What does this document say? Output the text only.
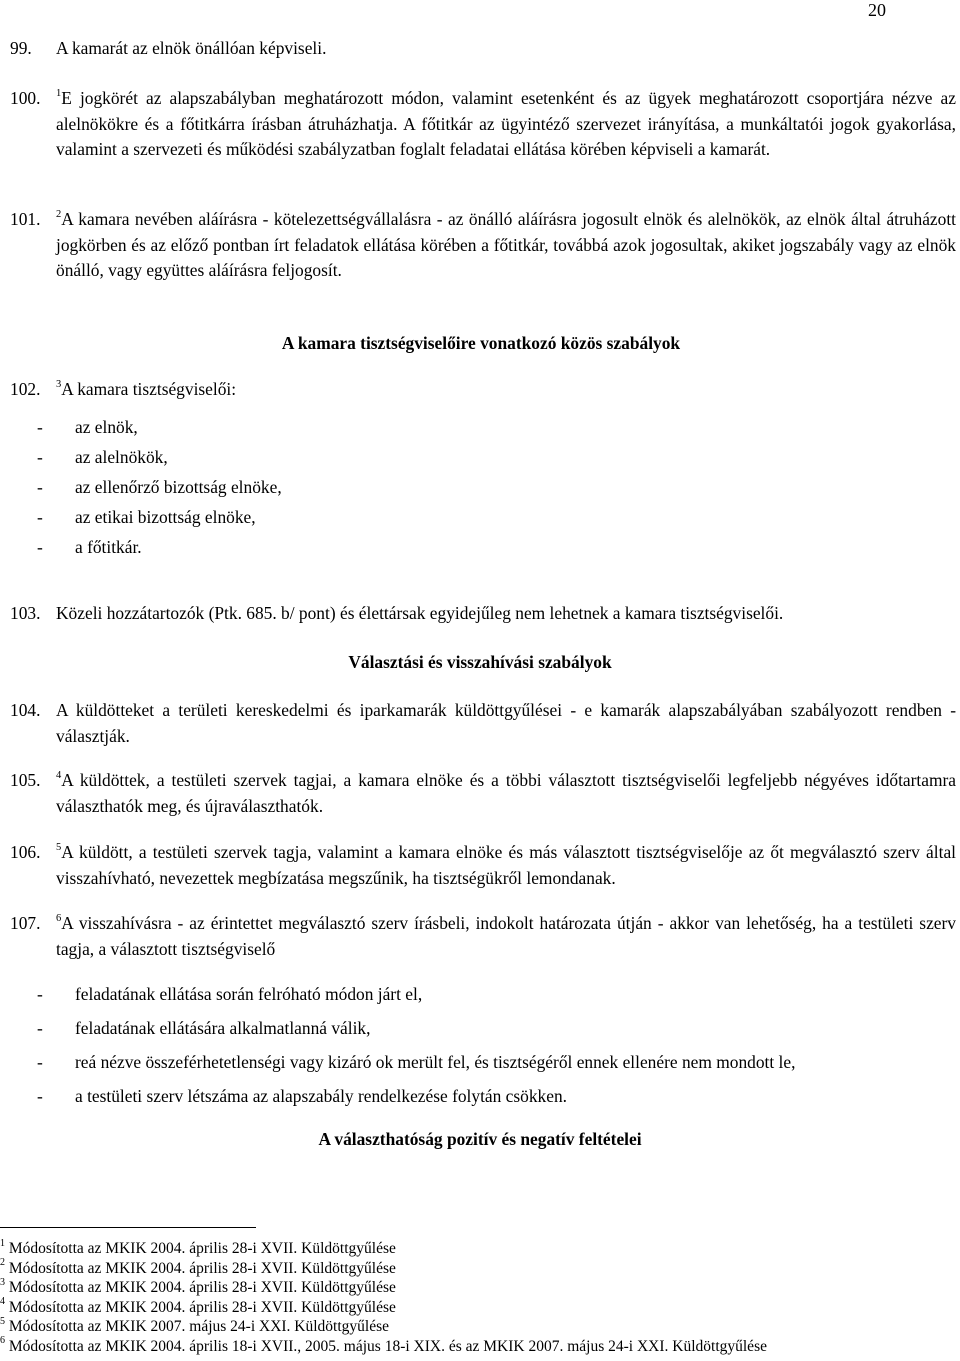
20
99. A kamarát az elnök önállóan képviseli.
100. $^1$E jogkörét az alapszabályban meghatározott módon, valamint esetenként és az ügyek meghatározott csoportjára nézve az alelnökökre és a főtitkárra írásban átruházhatja. A főtitkár az ügyintéző szervezet irányítása, a munkáltatói jogok gyakorlása, valamint a szervezeti és működési szabályzatban foglalt feladatai ellátása körében képviseli a kamarát.
101. $^2$A kamara nevében aláírásra - kötelezettségvállalásra - az önálló aláírásra jogosult elnök és alelnökök, az elnök által átruházott jogkörben és az előző pontban írt feladatok ellátása körében a főtitkár, továbbá azok jogosultak, akiket jogszabály vagy az elnök önálló, vagy együttes aláírásra feljogosít.
A kamara tisztségviselőire vonatkozó közös szabályok
102. $^3$A kamara tisztségviselői:
-	az elnök,
-	az alelnökök,
-	az ellenőrző bizottság elnöke,
-	az etikai bizottság elnöke,
-	a főtitkár.
103. Közeli hozzátartozók (Ptk. 685. b/ pont) és élettársak egyidejűleg nem lehetnek a kamara tisztségviselői.
Választási és visszahívási szabályok
104. A küldötteket a területi kereskedelmi és iparkamarák küldöttgyűlései - e kamarák alapszabályában szabályozott rendben - választják.
105. $^4$A küldöttek, a testületi szervek tagjai, a kamara elnöke és a többi választott tisztségviselői legfeljebb négyéves időtartamra választhatók meg, és újraválaszthatók.
106. $^5$A küldött, a testületi szervek tagja, valamint a kamara elnöke és más választott tisztségviselője az őt megválasztó szerv által visszahívható, nevezettek megbízatása megszűnik, ha tisztségükről lemondanak.
107. $^6$A visszahívásra - az érintettet megválasztó szerv írásbeli, indokolt határozata útján - akkor van lehetőség, ha a testületi szerv tagja, a választott tisztségviselő
-	feladatának ellátása során felróható módon járt el,
-	feladatának ellátására alkalmatlanná válik,
-	reá nézve összeférhetetlenségi vagy kizáró ok merült fel, és tisztségéről ennek ellenére nem mondott le,
-	a testületi szerv létszáma az alapszabály rendelkezése folytán csökken.
A választhatóság pozitív és negatív feltételei
$^1$ Módosította az MKIK 2004. április 28-i XVII. Küldöttgyűlése
$^2$ Módosította az MKIK 2004. április 28-i XVII. Küldöttgyűlése
$^3$ Módosította az MKIK 2004. április 28-i XVII. Küldöttgyűlése
$^4$ Módosította az MKIK 2004. április 28-i XVII. Küldöttgyűlése
$^5$ Módosította az MKIK 2007. május 24-i XXI. Küldöttgyűlése
$^6$ Módosította az MKIK 2004. április 18-i XVII., 2005. május 18-i XIX. és az MKIK 2007. május 24-i XXI. Küldöttgyűlése
